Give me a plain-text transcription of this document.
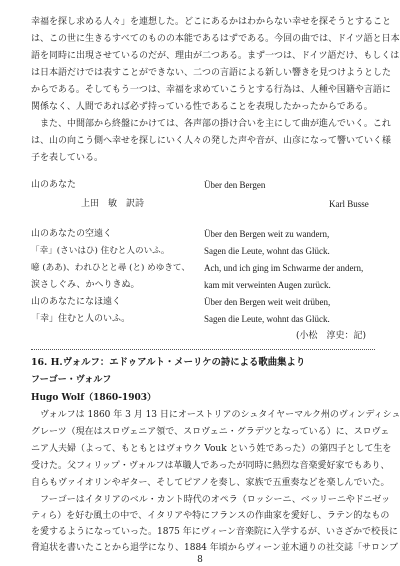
幸福を探し求める人々」を連想した。どこにあるかはわからない幸せを探そうとすること
は、この世に生きるすべてのものの本能であるはずである。今回の曲では、ドイツ語と日本
語を同時に出現させているのだが、理由が二つある。まず一つは、ドイツ語だけ、もしくは
は日本語だけでは表すことができない、二つの言語による新しい響きを見つけようとした
からである。そしてもう一つは、幸福を求めていこうとする行為は、人種や国籍や言語に
関係なく、人間であれば必ず持っている性であることを表現したかったからである。
　また、中間部から終盤にかけては、各声部の掛け合いを主にして曲が進んでいく。これ
は、山の向こう側へ幸せを探しにいく人々の発した声や音が、山彦になって響いていく様
子を表している。
山のあなた	Über den Bergen
上田　敏　訳詩	Karl Busse
山のあなたの空遠く
「幸」(さいはひ) 住むと人のいふ。
噫 (ああ)、われひとと尋 (と) めゆきて、
涙さしぐみ、かへりきぬ。
山のあなたになほ遠く
「幸」住むと人のいふ。
Über den Bergen weit zu wandern,
Sagen die Leute, wohnt das Glück.
Ach, und ich ging im Schwarme der andern,
kam mit verweinten Augen zurück.
Über den Bergen weit weit drüben,
Sagen die Leute, wohnt das Glück.
(小松　淳史：記)
16. H.ヴォルフ：エドゥアルト・メーリケの詩による歌曲集より
フーゴー・ヴォルフ
Hugo Wolf（1860-1903）
　ヴォルフは 1860 年 3 月 13 日にオーストリアのシュタイヤーマルク州のヴィンディシュ
グレーツ（現在はスロヴェニア領で、スロヴェニ・グラデツとなっている）に、スロヴェ
ニア人夫婦（よって、もともとはヴォウク Vouk という姓であった）の第四子として生を
受けた。父フィリップ・ヴォルフは革職人であったが同時に熱烈な音楽愛好家でもあり、
自らもヴァイオリンやギター、そしてピアノを奏し、家族で五重奏などを楽しんでいた。
　フーゴーはイタリアのベル・カント時代のオペラ（ロッシーニ、ベッリーニやドニゼッ
ティら）を好む風土の中で、イタリアや特にフランスの作曲家を愛好し、ラテン的なもの
を愛するようになっていった。1875 年にヴィーン音楽院に入学するが、いさざかで校長に
脅迫状を書いたことから退学になり、1884 年頃からヴィーン並木通りの社交誌「サロンブ
8
